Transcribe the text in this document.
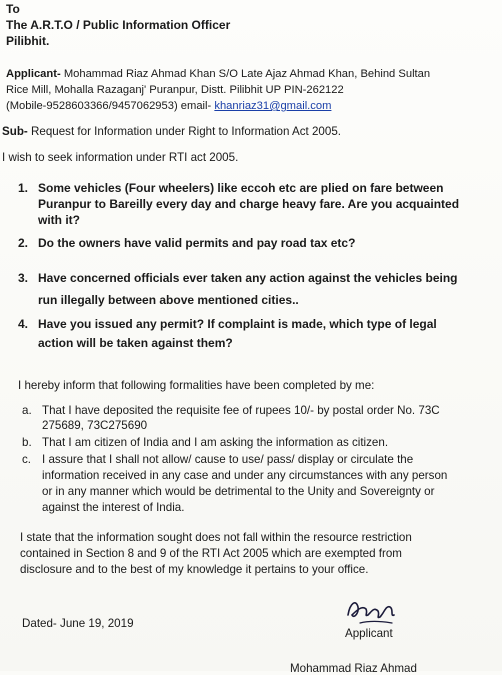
To
The A.R.T.O / Public Information Officer
Pilibhit.
Applicant- Mohammad Riaz Ahmad Khan S/O Late Ajaz Ahmad Khan, Behind Sultan
Rice Mill, Mohalla Razaganj' Puranpur, Distt. Pilibhit UP PIN-262122
(Mobile-9528603366/9457062953) email- khanriaz31@gmail.com
Sub- Request for Information under Right to Information Act 2005.
I wish to seek information under RTI act 2005.
1. Some vehicles (Four wheelers) like eccoh etc are plied on fare between
Puranpur to Bareilly every day and charge heavy fare. Are you acquainted
with it?
2. Do the owners have valid permits and pay road tax etc?
3. Have concerned officials ever taken any action against the vehicles being
run illegally between above mentioned cities..
4. Have you issued any permit? If complaint is made, which type of legal
action will be taken against them?
I hereby inform that following formalities have been completed by me:
a. That I have deposited the requisite fee of rupees 10/- by postal order No. 73C
275689, 73C275690
b. That I am citizen of India and I am asking the information as citizen.
c. I assure that I shall not allow/ cause to use/ pass/ display or circulate the
information received in any case and under any circumstances with any person
or in any manner which would be detrimental to the Unity and Sovereignty or
against the interest of India.
I state that the information sought does not fall within the resource restriction
contained in Section 8 and 9 of the RTI Act 2005 which are exempted from
disclosure and to the best of my knowledge it pertains to your office.
Dated- June 19, 2019
Applicant
Mohammad Riaz Ahmad
